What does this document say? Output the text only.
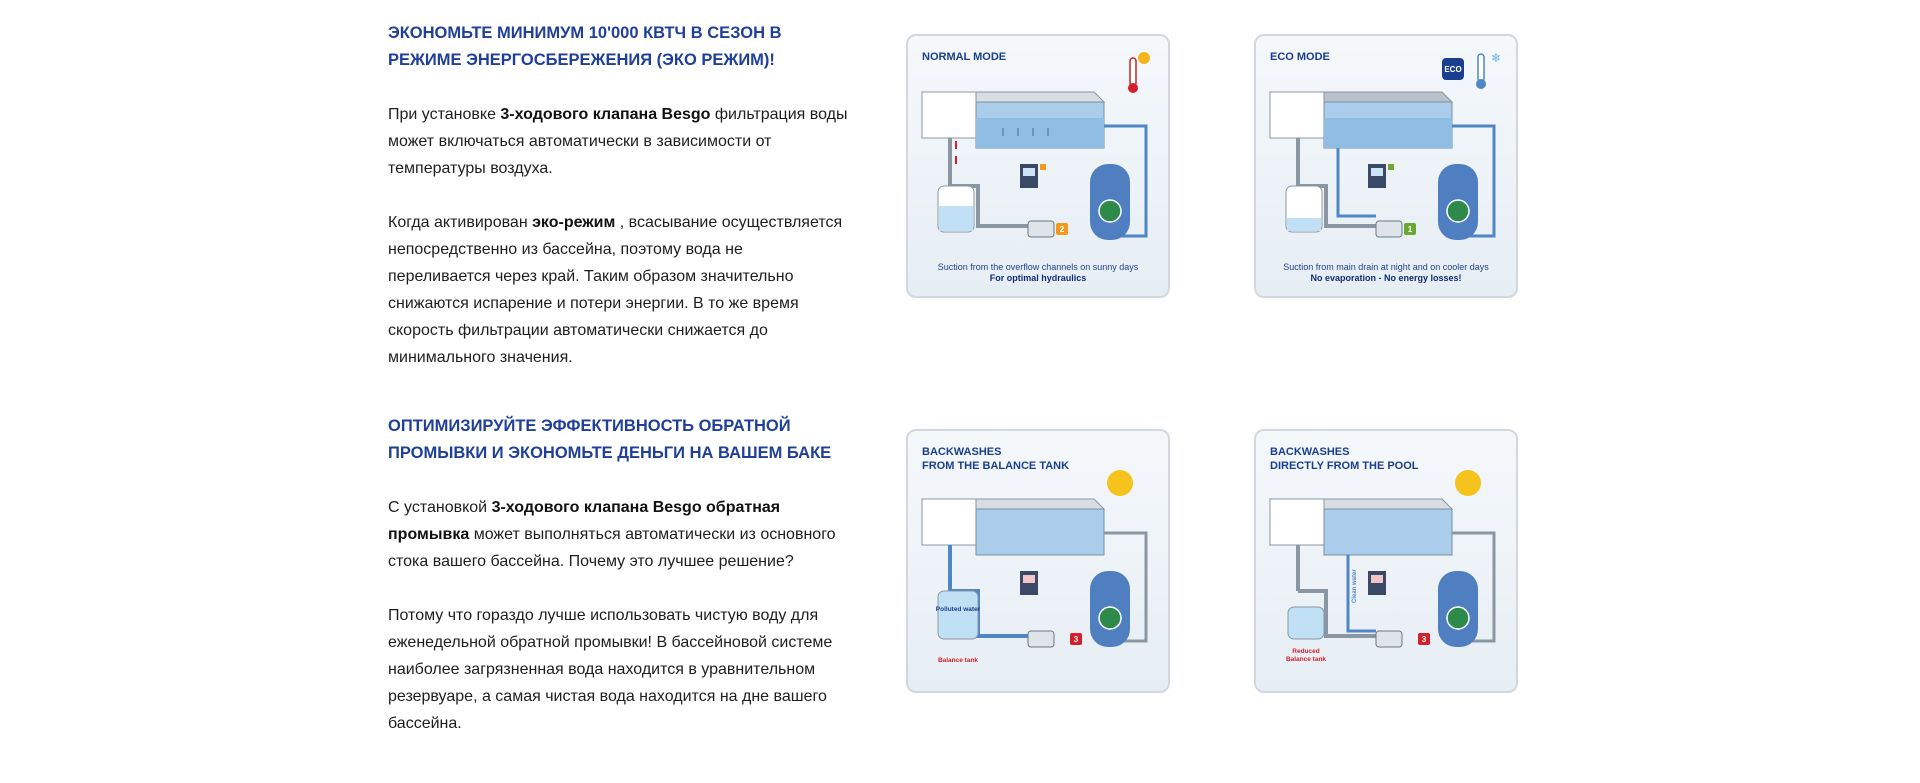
ЭКОНОМЬТЕ МИНИМУМ 10'000 КВТЧ В СЕЗОН В РЕЖИМЕ ЭНЕРГОСБЕРЕЖЕНИЯ (ЭКО РЕЖИМ)!

При установке 3-ходового клапана Besgo фильтрация воды может включаться автоматически в зависимости от температуры воздуха.

Когда активирован эко-режим , всасывание осуществляется непосредственно из бассейна, поэтому вода не переливается через край. Таким образом значительно снижаются испарение и потери энергии. В то же время скорость фильтрации автоматически снижается до минимального значения.

ОПТИМИЗИРУЙТЕ ЭФФЕКТИВНОСТЬ ОБРАТНОЙ ПРОМЫВКИ И ЭКОНОМЬТЕ ДЕНЬГИ НА ВАШЕМ БАКЕ

С установкой 3-ходового клапана Besgo обратная промывка может выполняться автоматически из основного стока вашего бассейна. Почему это лучшее решение?

Потому что гораздо лучше использовать чистую воду для еженедельной обратной промывки! В бассейновой системе наиболее загрязненная вода находится в уравнительном резервуаре, а самая чистая вода находится на дне вашего бассейна.

2

NORMAL MODE

Suction from the overflow channels on sunny days
For optimal hydraulics

ECO
❄
1

ECO MODE

Suction from main drain at night and on cooler days
No evaporation - No energy losses!

Polluted water
Balance tank
3

BACKWASHES
FROM THE BALANCE TANK

Clean water
Reduced
Balance tank
3

BACKWASHES
DIRECTLY FROM THE POOL
